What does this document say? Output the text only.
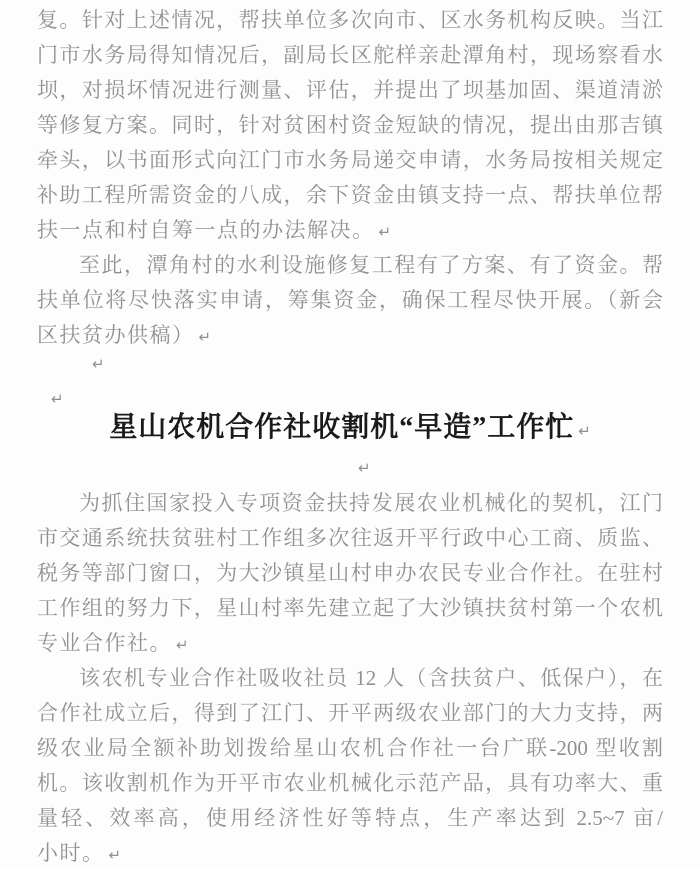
复。针对上述情况，帮扶单位多次向市、区水务机构反映。当江
门市水务局得知情况后，副局长区舵样亲赴潭角村，现场察看水
坝，对损坏情况进行测量、评估，并提出了坝基加固、渠道清淤
等修复方案。同时，针对贫困村资金短缺的情况，提出由那吉镇
牵头，以书面形式向江门市水务局递交申请，水务局按相关规定
补助工程所需资金的八成，余下资金由镇支持一点、帮扶单位帮
扶一点和村自筹一点的办法解决。 ↵
至此，潭角村的水利设施修复工程有了方案、有了资金。帮
扶单位将尽快落实申请，筹集资金，确保工程尽快开展。（新会
区扶贫办供稿） ↵
↵
↵
星山农机合作社收割机“早造”工作忙 ↵
↵
为抓住国家投入专项资金扶持发展农业机械化的契机，江门
市交通系统扶贫驻村工作组多次往返开平行政中心工商、质监、
税务等部门窗口，为大沙镇星山村申办农民专业合作社。在驻村
工作组的努力下，星山村率先建立起了大沙镇扶贫村第一个农机
专业合作社。 ↵
该农机专业合作社吸收社员 12 人（含扶贫户、低保户），在
合作社成立后，得到了江门、开平两级农业部门的大力支持，两
级农业局全额补助划拨给星山农机合作社一台广联-200 型收割
机。该收割机作为开平市农业机械化示范产品，具有功率大、重
量轻、效率高，使用经济性好等特点，生产率达到 2.5~7 亩/
小时。 ↵
